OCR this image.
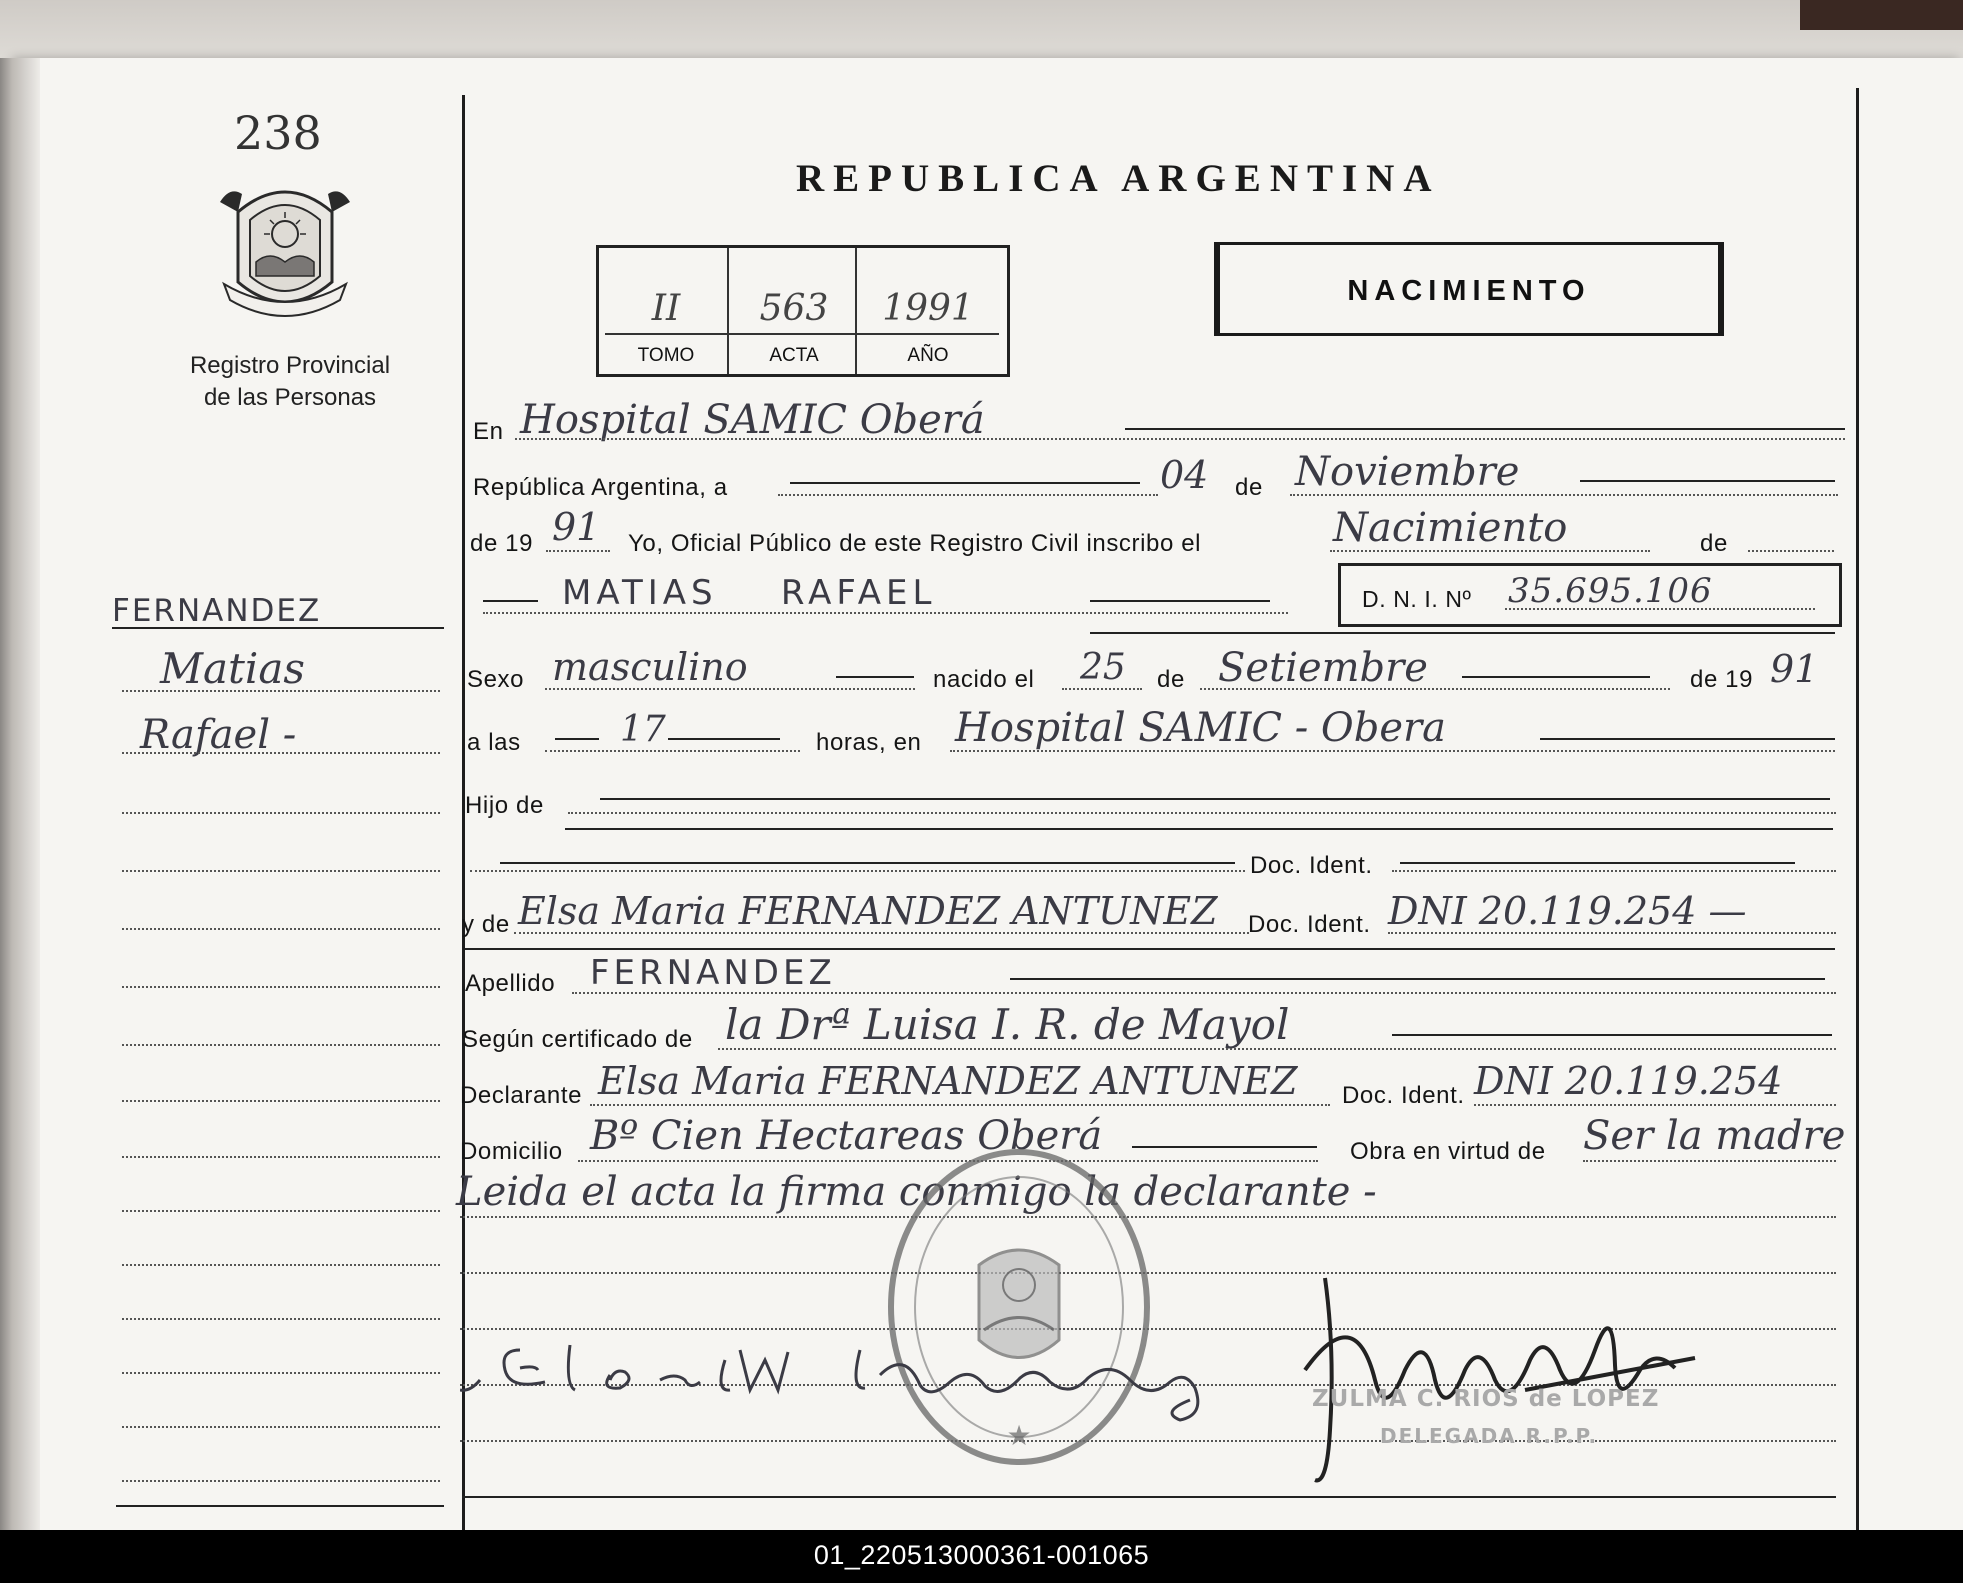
238
Registro Provincial
de las Personas
FERNANDEZ
Matias
Rafael -
REPUBLICA ARGENTINA
II	563	1991
TOMO	ACTA	AÑO
NACIMIENTO
En Hospital SAMIC Oberá
República Argentina, a	04 de Noviembre
de 19 91 Yo, Oficial Público de este Registro Civil inscribo el	Nacimiento	de
MATIAS    RAFAEL	D. N. I. Nº 35.695.106
Sexo masculino	nacido el 25 de Setiembre	de 19 91
a las	17	horas, en Hospital SAMIC - Obera
Hijo de
Doc. Ident.
y de Elsa Maria FERNANDEZ ANTUNEZ Doc. Ident. DNI 20.119.254 —
Apellido FERNANDEZ
Según certificado de la Drª Luisa I. R. de Mayol
Declarante Elsa Maria FERNANDEZ ANTUNEZ Doc. Ident. DNI 20.119.254
Domicilio Bº Cien Hectareas Oberá	Obra en virtud de Ser la madre
Leida el acta la firma conmigo la declarante -
★
ZULMA C. RIOS de LOPEZ
DELEGADA R.P.P.
01_220513000361-001065
